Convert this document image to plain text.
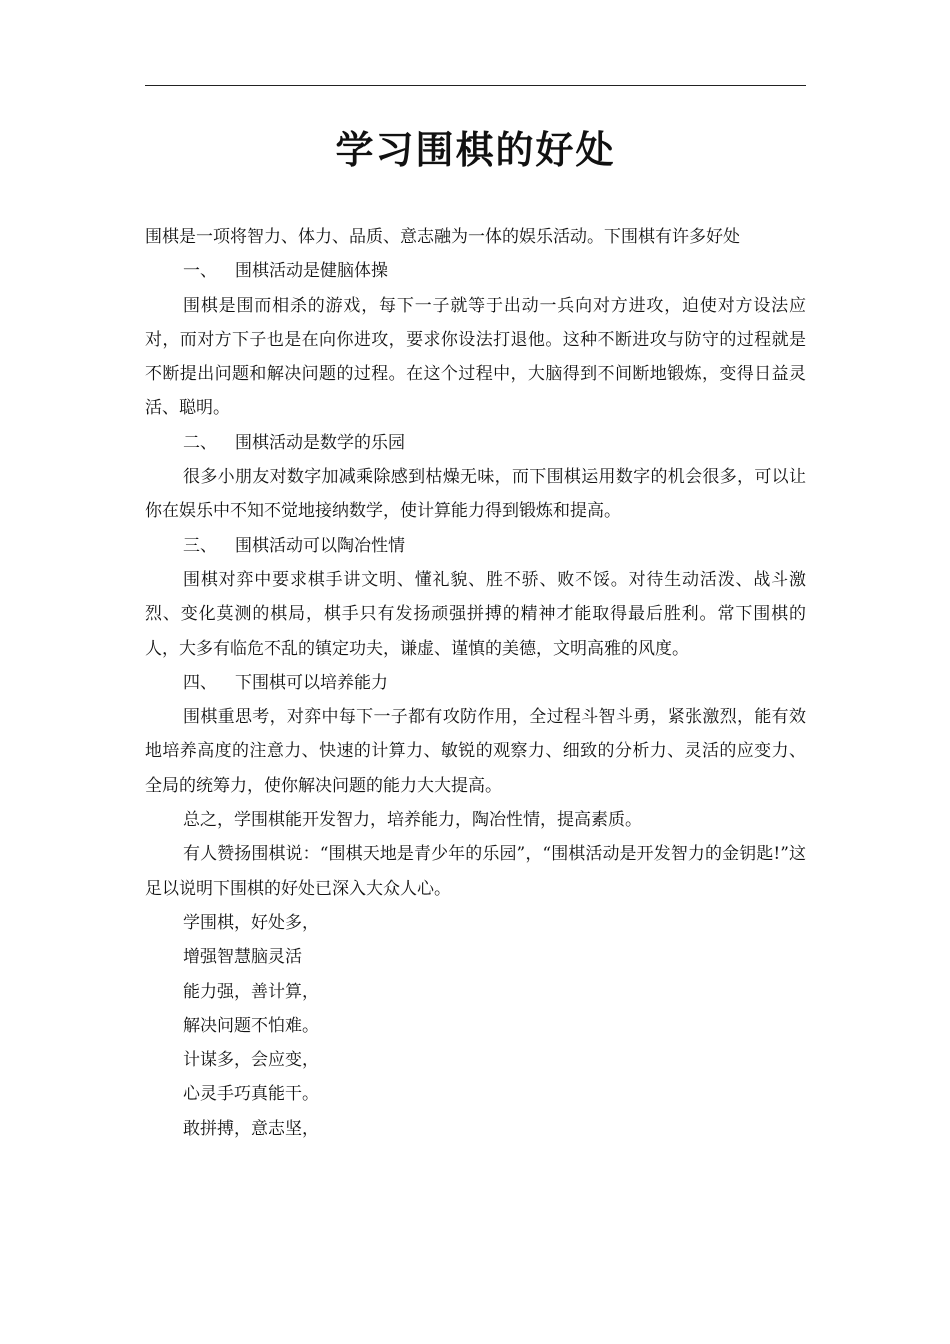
学习围棋的好处

围棋是一项将智力、体力、品质、意志融为一体的娱乐活动。下围棋有许多好处

一、 围棋活动是健脑体操

围棋是围而相杀的游戏，每下一子就等于出动一兵向对方进攻，迫使对方设法应对，而对方下子也是在向你进攻，要求你设法打退他。这种不断进攻与防守的过程就是不断提出问题和解决问题的过程。在这个过程中，大脑得到不间断地锻炼，变得日益灵活、聪明。

二、 围棋活动是数学的乐园

很多小朋友对数字加减乘除感到枯燥无味，而下围棋运用数字的机会很多，可以让你在娱乐中不知不觉地接纳数学，使计算能力得到锻炼和提高。

三、 围棋活动可以陶冶性情

围棋对弈中要求棋手讲文明、懂礼貌、胜不骄、败不馁。对待生动活泼、战斗激烈、变化莫测的棋局，棋手只有发扬顽强拼搏的精神才能取得最后胜利。常下围棋的人，大多有临危不乱的镇定功夫，谦虚、谨慎的美德，文明高雅的风度。

四、 下围棋可以培养能力

围棋重思考，对弈中每下一子都有攻防作用，全过程斗智斗勇，紧张激烈，能有效地培养高度的注意力、快速的计算力、敏锐的观察力、细致的分析力、灵活的应变力、全局的统筹力，使你解决问题的能力大大提高。

总之，学围棋能开发智力，培养能力，陶冶性情，提高素质。

有人赞扬围棋说：“围棋天地是青少年的乐园”，“围棋活动是开发智力的金钥匙!”这足以说明下围棋的好处已深入大众人心。

学围棋，好处多，

增强智慧脑灵活

能力强，善计算，

解决问题不怕难。

计谋多，会应变，

心灵手巧真能干。

敢拼搏，意志坚，
